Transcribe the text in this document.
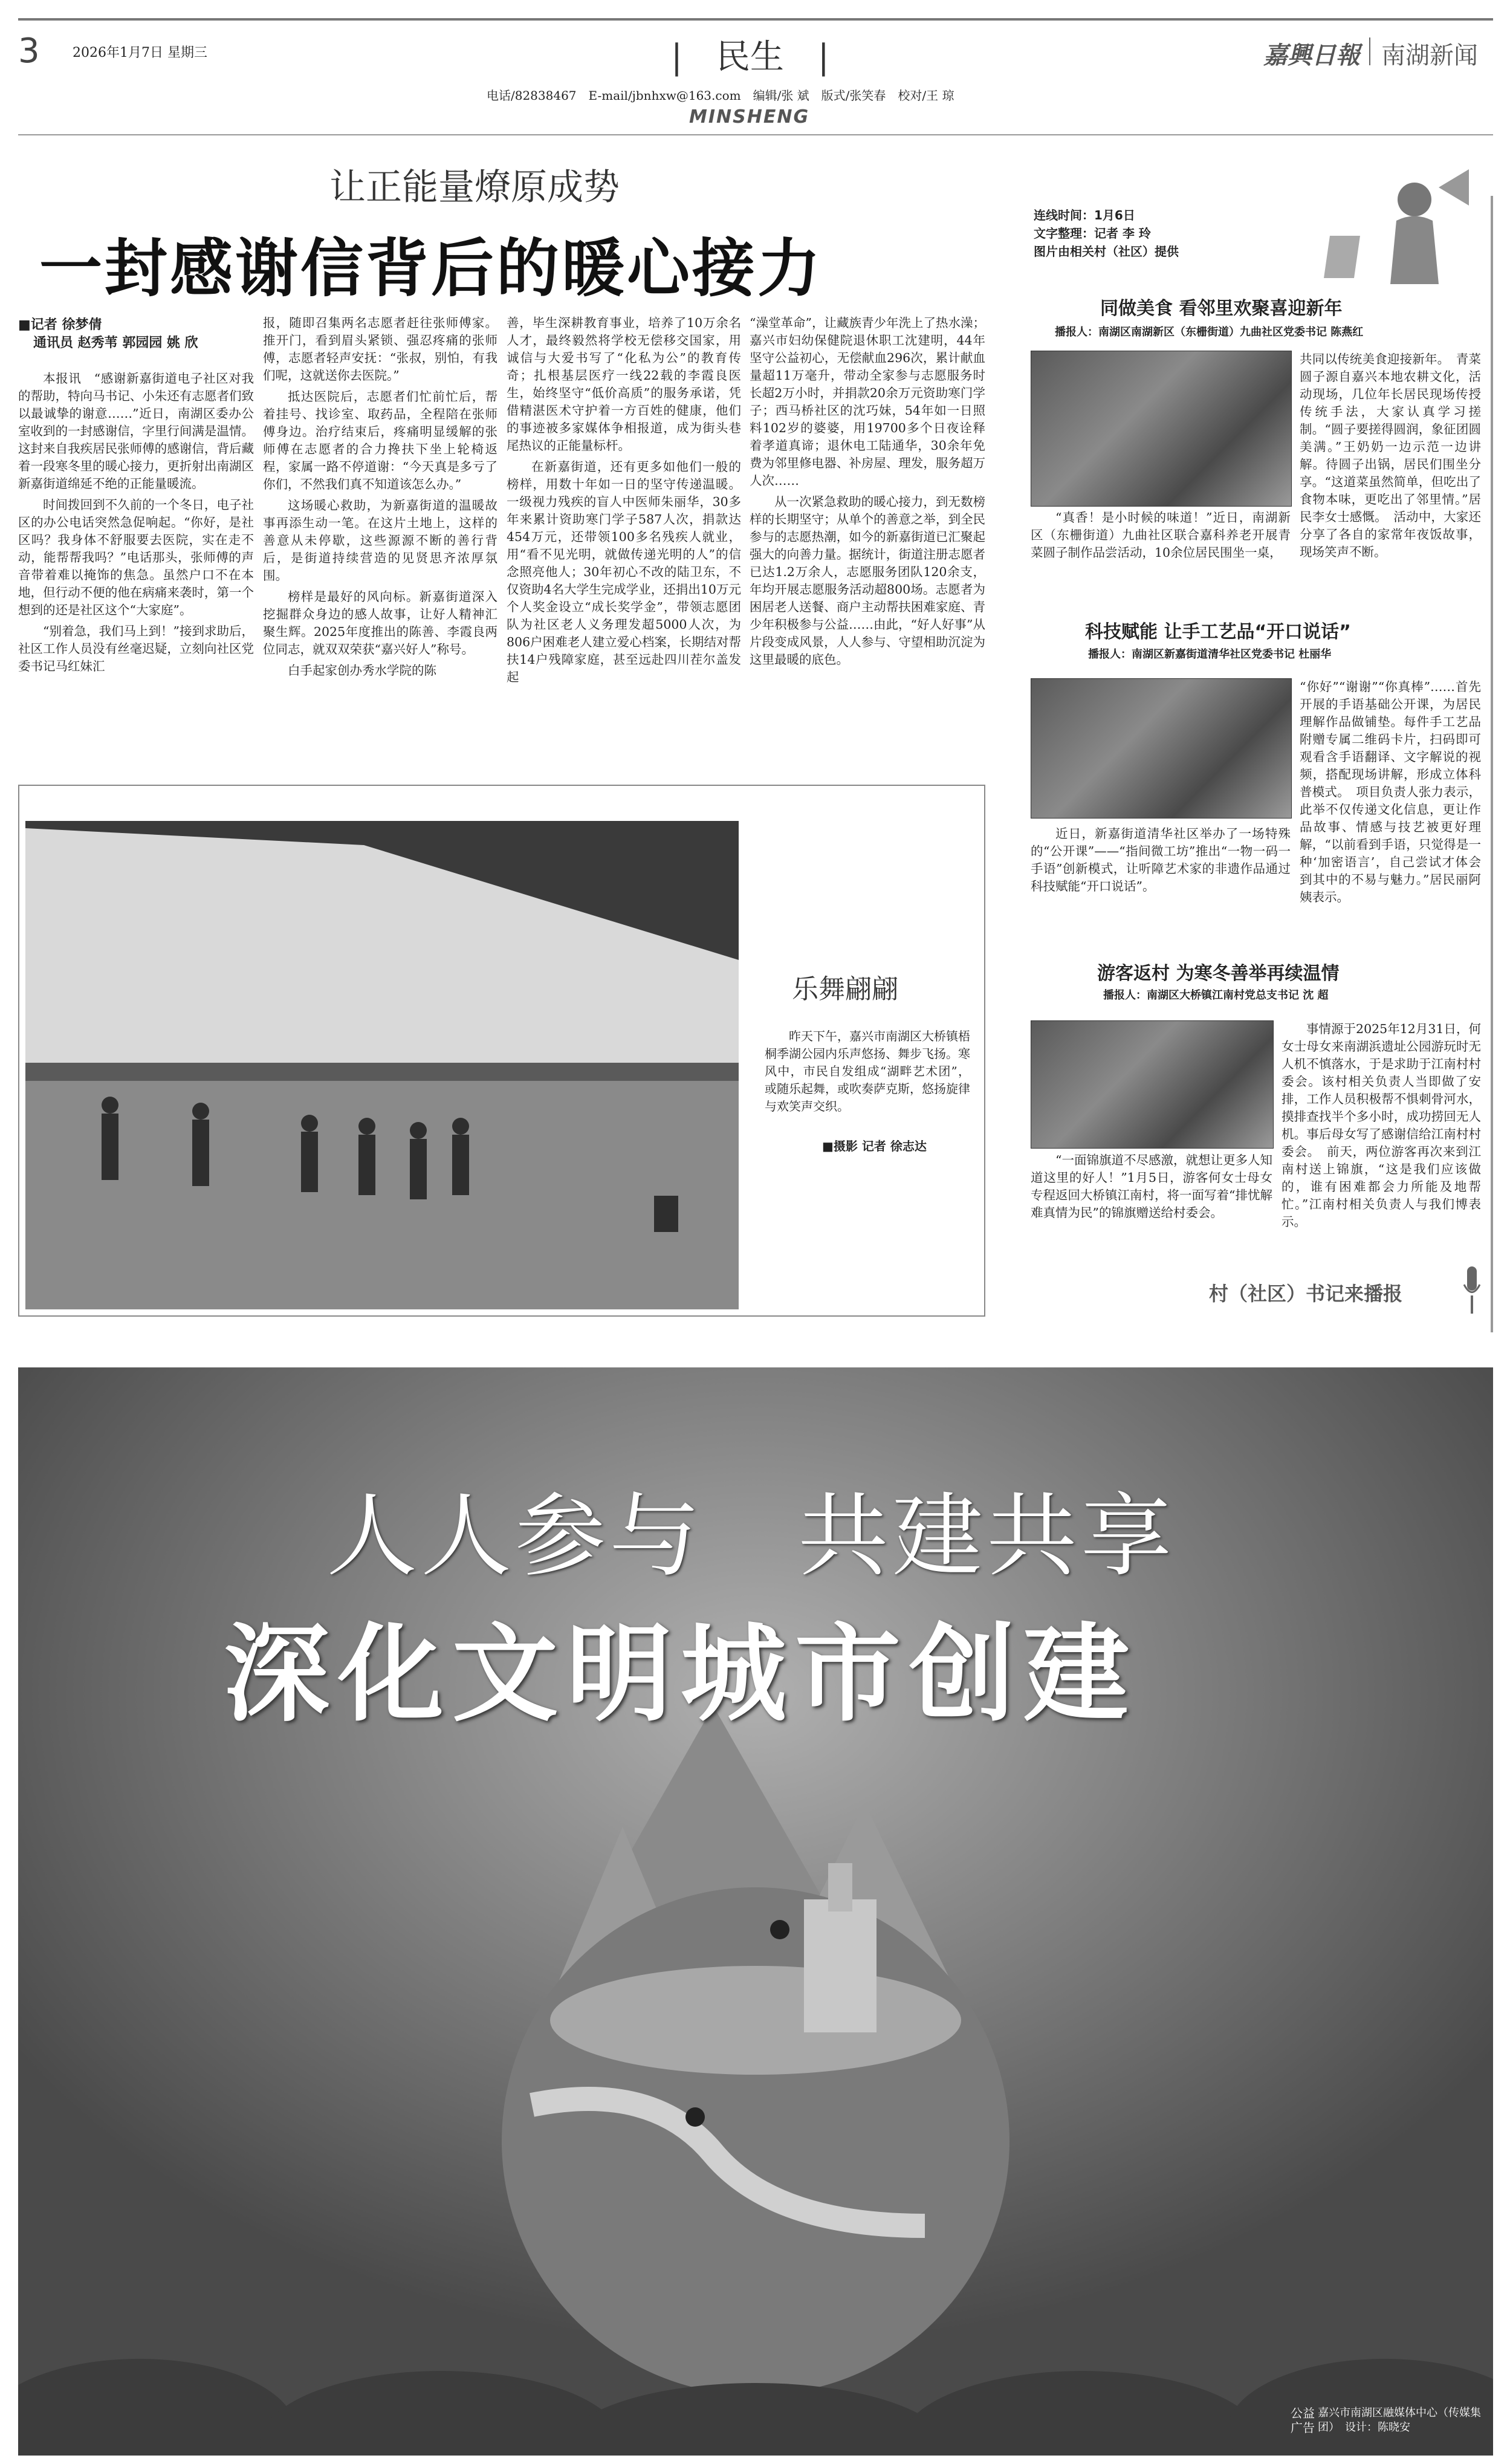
3 2026年1月7日 星期三	|　民生　|
电话/82838467　E-mail/jbnhxw@163.com　编辑/张 斌　版式/张笑春　校对/王 琼
MINSHENG
嘉興日報 南湖新闻
让正能量燎原成势
一封感谢信背后的暖心接力
■记者 徐梦倩
通讯员 赵秀苇 郭园园 姚 欣

本报讯　“感谢新嘉街道电子社区对我的帮助，特向马书记、小朱还有志愿者们致以最诚挚的谢意……”近日，南湖区委办公室收到的一封感谢信，字里行间满是温情。这封来自我疾居民张师傅的感谢信，背后藏着一段寒冬里的暖心接力，更折射出南湖区新嘉街道绵延不绝的正能量暖流。

时间拨回到不久前的一个冬日，电子社区的办公电话突然急促响起。“你好，是社区吗？我身体不舒服要去医院，实在走不动，能帮帮我吗？”电话那头，张师傅的声音带着难以掩饰的焦急。虽然户口不在本地，但行动不便的他在病痛来袭时，第一个想到的还是社区这个“大家庭”。

“别着急，我们马上到！”接到求助后，社区工作人员没有丝毫迟疑，立刻向社区党委书记马红妹汇

报，随即召集两名志愿者赶往张师傅家。推开门，看到眉头紧锁、强忍疼痛的张师傅，志愿者轻声安抚：“张叔，别怕，有我们呢，这就送你去医院。”

抵达医院后，志愿者们忙前忙后，帮着挂号、找诊室、取药品，全程陪在张师傅身边。治疗结束后，疼痛明显缓解的张师傅在志愿者的合力搀扶下坐上轮椅返程，家属一路不停道谢：“今天真是多亏了你们，不然我们真不知道该怎么办。”

这场暖心救助，为新嘉街道的温暖故事再添生动一笔。在这片土地上，这样的善意从未停歇，这些源源不断的善行背后，是街道持续营造的见贤思齐浓厚氛围。

榜样是最好的风向标。新嘉街道深入挖掘群众身边的感人故事，让好人精神汇聚生辉。2025年度推出的陈善、李霞良两位同志，就双双荣获“嘉兴好人”称号。

白手起家创办秀水学院的陈

善，毕生深耕教育事业，培养了10万余名人才，最终毅然将学校无偿移交国家，用诚信与大爱书写了“化私为公”的教育传奇；扎根基层医疗一线22载的李霞良医生，始终坚守“低价高质”的服务承诺，凭借精湛医术守护着一方百姓的健康，他们的事迹被多家媒体争相报道，成为街头巷尾热议的正能量标杆。

在新嘉街道，还有更多如他们一般的榜样，用数十年如一日的坚守传递温暖。一级视力残疾的盲人中医师朱丽华，30多年来累计资助寒门学子587人次，捐款达454万元，还带领100多名残疾人就业，用“看不见光明，就做传递光明的人”的信念照亮他人；30年初心不改的陆卫东，不仅资助4名大学生完成学业，还捐出10万元个人奖金设立“成长奖学金”，带领志愿团队为社区老人义务理发超5000人次，为806户困难老人建立爱心档案，长期结对帮扶14户残障家庭，甚至远赴四川茬尔盖发起

“澡堂革命”，让藏族青少年洗上了热水澡；嘉兴市妇幼保健院退休职工沈建明，44年坚守公益初心，无偿献血296次，累计献血量超11万毫升，带动全家参与志愿服务时长超2万小时，并捐款20余万元资助寒门学子；西马桥社区的沈巧妹，54年如一日照料102岁的婆婆，用19700多个日夜诠释着孝道真谛；退休电工陆通华，30余年免费为邻里修电器、补房屋、理发，服务超万人次……

从一次紧急救助的暖心接力，到无数榜样的长期坚守；从单个的善意之举，到全民参与的志愿热潮，如今的新嘉街道已汇聚起强大的向善力量。据统计，街道注册志愿者已达1.2万余人，志愿服务团队120余支，年均开展志愿服务活动超800场。志愿者为困居老人送餐、商户主动帮扶困难家庭、青少年积极参与公益……由此，“好人好事”从片段变成风景，人人参与、守望相助沉淀为这里最暖的底色。

乐舞翩翩
昨天下午，嘉兴市南湖区大桥镇梧桐季湖公园内乐声悠扬、舞步飞扬。寒风中，市民自发组成“湖畔艺术团”，或随乐起舞，或吹奏萨克斯，悠扬旋律与欢笑声交织。
■摄影 记者 徐志达
连线时间：1月6日
文字整理：记者 李 玲
图片由相关村（社区）提供
同做美食 看邻里欢聚喜迎新年
播报人：南湖区南湖新区（东栅街道）九曲社区党委书记 陈燕红

共同以传统美食迎接新年。　青菜圆子源自嘉兴本地农耕文化，活动现场，几位年长居民现场传授传统手法，大家认真学习搓制。“圆子要搓得圆润，象征团圆美满。”王奶奶一边示范一边讲解。待圆子出锅，居民们围坐分享。“这道菜虽然简单，但吃出了食物本味，更吃出了邻里情。”居民李女士感慨。　活动中，大家还分享了各自的家常年夜饭故事，现场笑声不断。

“真香！是小时候的味道！”近日，南湖新区（东栅街道）九曲社区联合嘉科养老开展青菜圆子制作品尝活动，10余位居民围坐一桌，

科技赋能 让手工艺品“开口说话”
播报人：南湖区新嘉街道清华社区党委书记 杜丽华

“你好”“谢谢”“你真棒”……首先开展的手语基础公开课，为居民理解作品做铺垫。每件手工艺品附赠专属二维码卡片，扫码即可观看含手语翻译、文字解说的视频，搭配现场讲解，形成立体科普模式。　项目负责人张力表示，此举不仅传递文化信息，更让作品故事、情感与技艺被更好理解，“以前看到手语，只觉得是一种‘加密语言’，自己尝试才体会到其中的不易与魅力。”居民丽阿姨表示。

近日，新嘉街道清华社区举办了一场特殊的“公开课”——“指间微工坊”推出“一物一码一手语”创新模式，让听障艺术家的非遗作品通过科技赋能“开口说话”。

游客返村 为寒冬善举再续温情
播报人：南湖区大桥镇江南村党总支书记 沈 超

事情源于2025年12月31日，何女士母女来南湖浜遗址公园游玩时无人机不慎落水，于是求助于江南村村委会。该村相关负责人当即做了安排，工作人员积极帮不惧刺骨河水，摸排查找半个多小时，成功捞回无人机。事后母女写了感谢信给江南村村委会。　前天，两位游客再次来到江南村送上锦旗，“这是我们应该做的，谁有困难都会力所能及地帮忙。”江南村相关负责人与我们博表示。

“一面锦旗道不尽感激，就想让更多人知道这里的好人！”1月5日，游客何女士母女专程返回大桥镇江南村，将一面写着“排忧解难真情为民”的锦旗赠送给村委会。

村（社区）书记来播报
人人参与　共建共享
深化文明城市创建
公益广告
嘉兴市南湖区融媒体中心（传媒集团）　设计：陈晓安
